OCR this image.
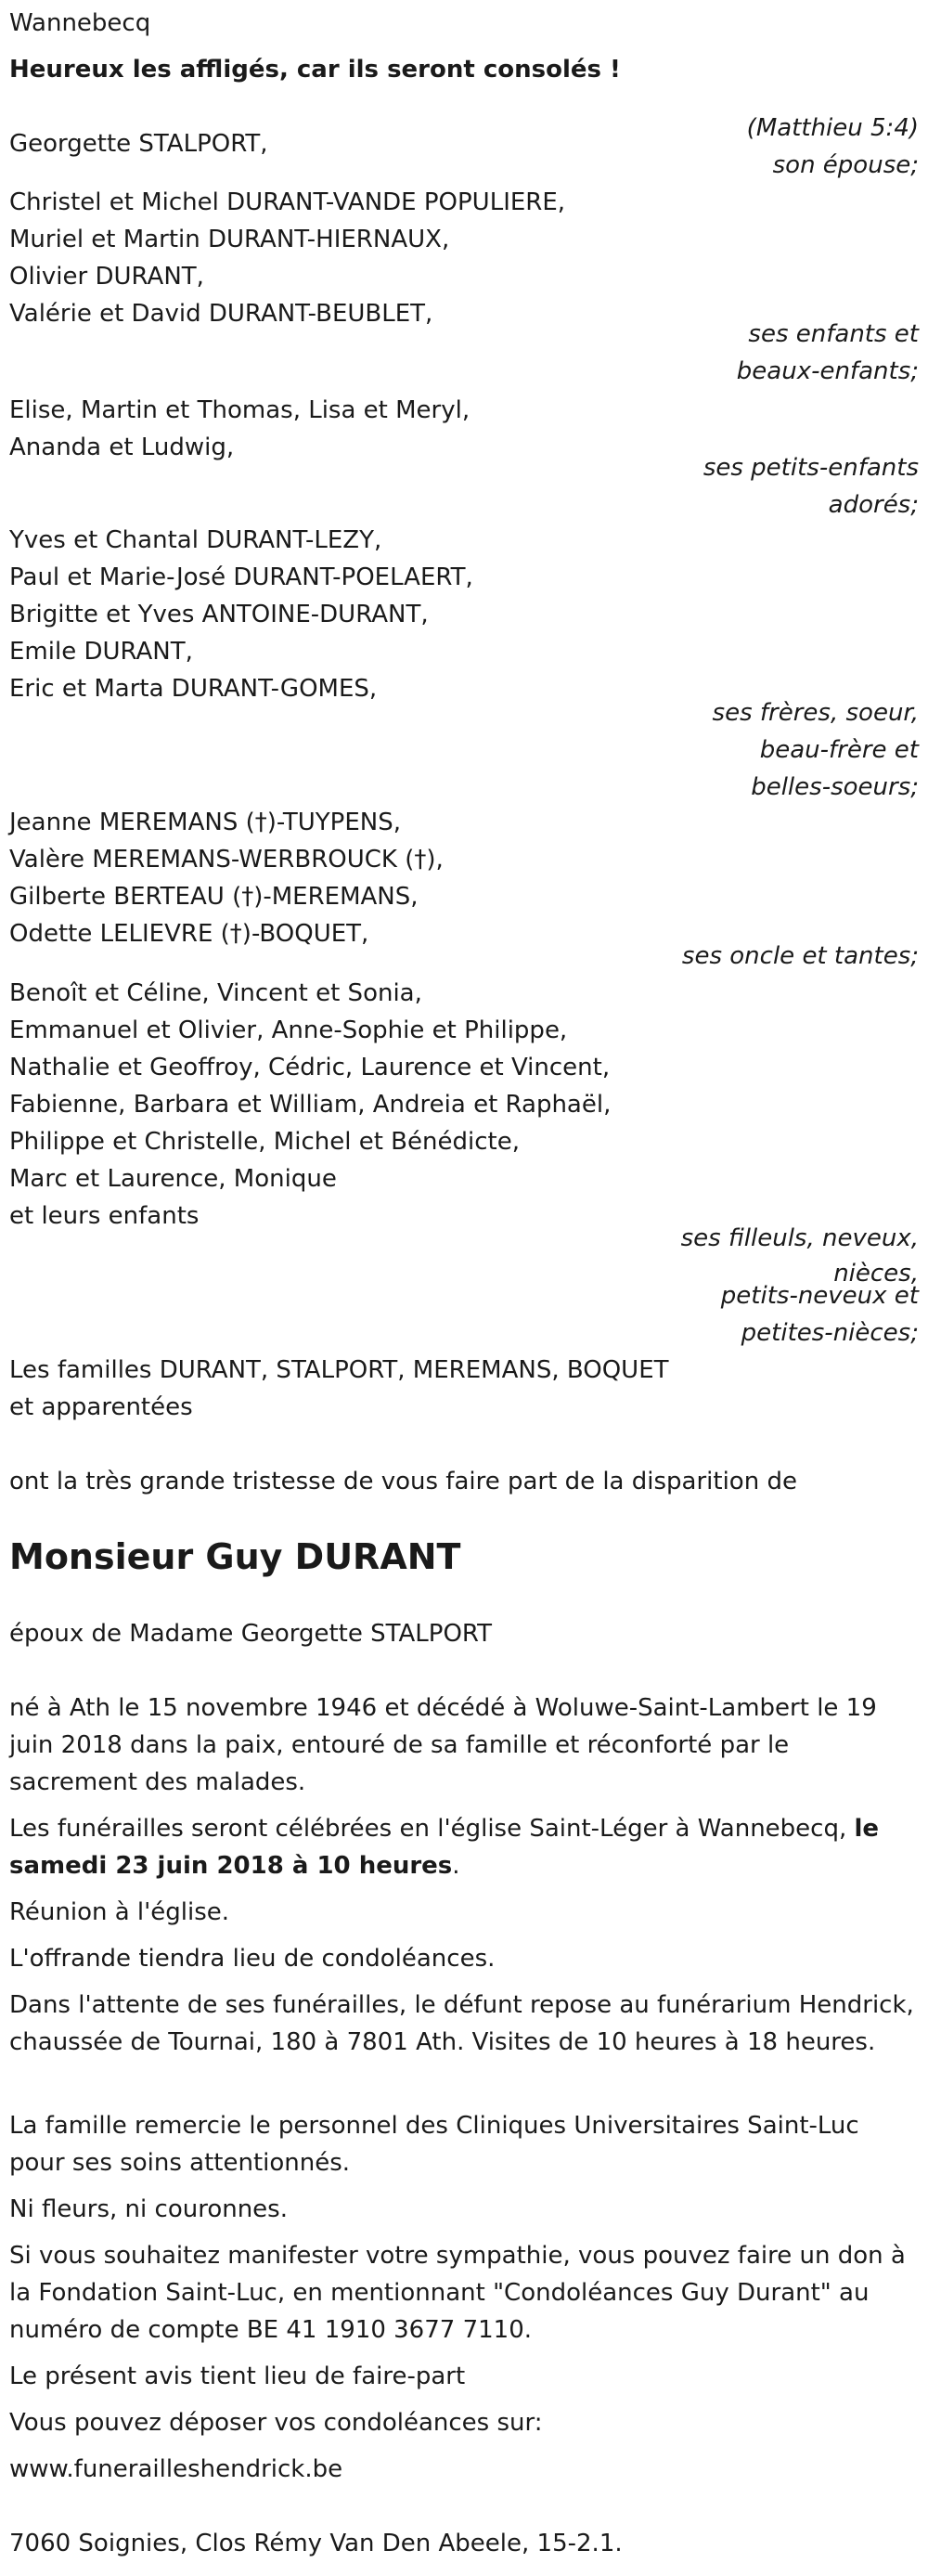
Wannebecq
Heureux les affligés, car ils seront consolés !
(Matthieu 5:4)
Georgette STALPORT,
son épouse;
Christel et Michel DURANT-VANDE POPULIERE,
Muriel et Martin DURANT-HIERNAUX,
Olivier DURANT,
Valérie et David DURANT-BEUBLET,
ses enfants et
beaux-enfants;
Elise, Martin et Thomas, Lisa et Meryl,
Ananda et Ludwig,
ses petits-enfants
adorés;
Yves et Chantal DURANT-LEZY,
Paul et Marie-José DURANT-POELAERT,
Brigitte et Yves ANTOINE-DURANT,
Emile DURANT,
Eric et Marta DURANT-GOMES,
ses frères, soeur,
beau-frère et
belles-soeurs;
Jeanne MEREMANS (†)-TUYPENS,
Valère MEREMANS-WERBROUCK (†),
Gilberte BERTEAU (†)-MEREMANS,
Odette LELIEVRE (†)-BOQUET,
ses oncle et tantes;
Benoît et Céline, Vincent et Sonia,
Emmanuel et Olivier, Anne-Sophie et Philippe,
Nathalie et Geoffroy, Cédric, Laurence et Vincent,
Fabienne, Barbara et William, Andreia et Raphaël,
Philippe et Christelle, Michel et Bénédicte,
Marc et Laurence, Monique
et leurs enfants
ses filleuls, neveux,
nièces,
petits-neveux et
petites-nièces;
Les familles DURANT, STALPORT, MEREMANS, BOQUET
et apparentées
ont la très grande tristesse de vous faire part de la disparition de
Monsieur Guy DURANT
époux de Madame Georgette STALPORT
né à Ath le 15 novembre 1946 et décédé à Woluwe-Saint-Lambert le 19 juin 2018 dans la paix, entouré de sa famille et réconforté par le sacrement des malades.
Les funérailles seront célébrées en l'église Saint-Léger à Wannebecq, le samedi 23 juin 2018 à 10 heures.
Réunion à l'église.
L'offrande tiendra lieu de condoléances.
Dans l'attente de ses funérailles, le défunt repose au funérarium Hendrick, chaussée de Tournai, 180 à 7801 Ath. Visites de 10 heures à 18 heures.
La famille remercie le personnel des Cliniques Universitaires Saint-Luc pour ses soins attentionnés.
Ni fleurs, ni couronnes.
Si vous souhaitez manifester votre sympathie, vous pouvez faire un don à la Fondation Saint-Luc, en mentionnant "Condoléances Guy Durant" au numéro de compte BE 41 1910 3677 7110.
Le présent avis tient lieu de faire-part
Vous pouvez déposer vos condoléances sur:
www.funerailleshendrick.be
7060 Soignies, Clos Rémy Van Den Abeele, 15-2.1.
